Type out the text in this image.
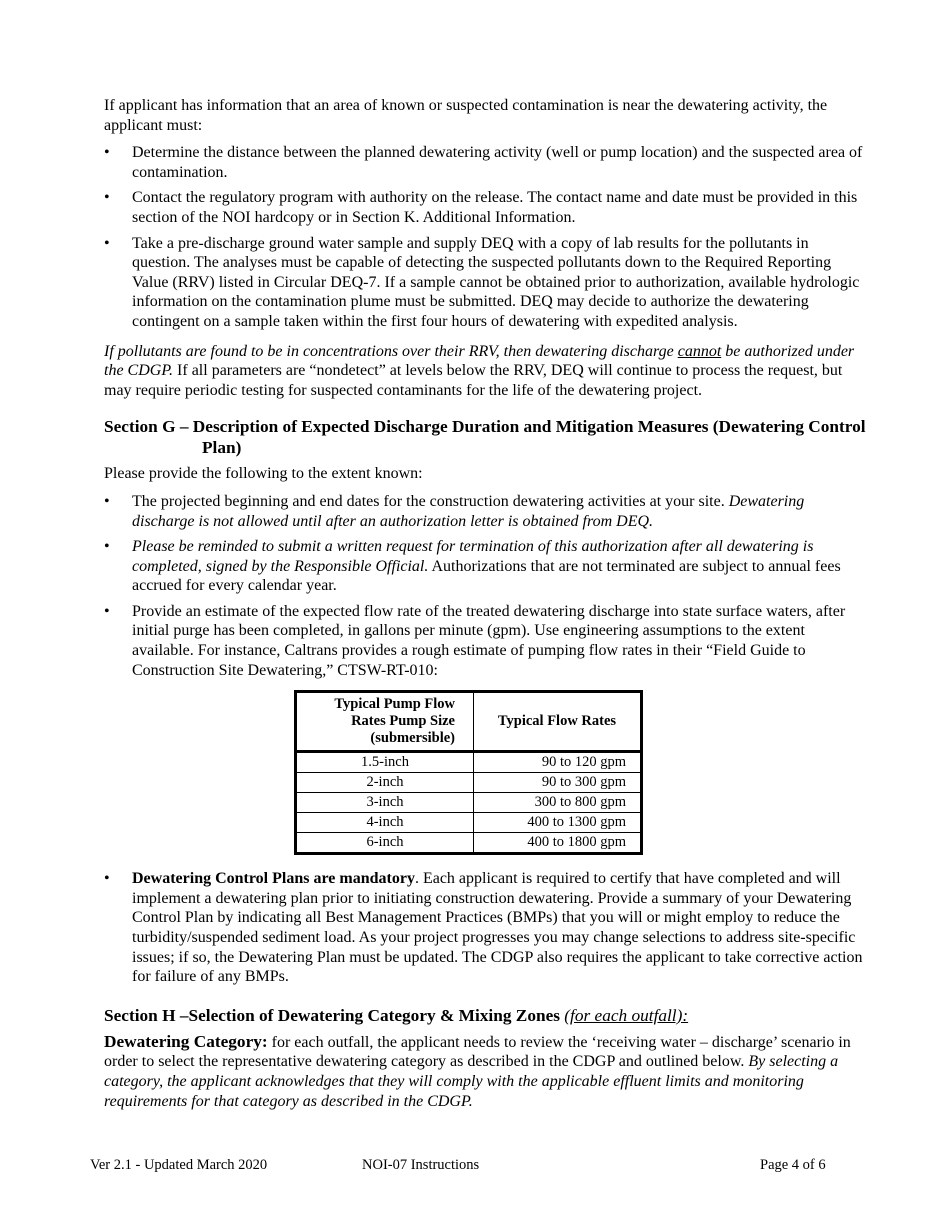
If applicant has information that an area of known or suspected contamination is near the dewatering activity, the applicant must:

•	Determine the distance between the planned dewatering activity (well or pump location) and the suspected area of contamination.
•	Contact the regulatory program with authority on the release. The contact name and date must be provided in this section of the NOI hardcopy or in Section K. Additional Information.
•	Take a pre-discharge ground water sample and supply DEQ with a copy of lab results for the pollutants in question. The analyses must be capable of detecting the suspected pollutants down to the Required Reporting Value (RRV) listed in Circular DEQ-7. If a sample cannot be obtained prior to authorization, available hydrologic information on the contamination plume must be submitted. DEQ may decide to authorize the dewatering contingent on a sample taken within the first four hours of dewatering with expedited analysis.

If pollutants are found to be in concentrations over their RRV, then dewatering discharge cannot be authorized under the CDGP. If all parameters are “nondetect” at levels below the RRV, DEQ will continue to process the request, but may require periodic testing for suspected contaminants for the life of the dewatering project.

Section G – Description of Expected Discharge Duration and Mitigation Measures (Dewatering Control Plan)

Please provide the following to the extent known:

•	The projected beginning and end dates for the construction dewatering activities at your site. Dewatering discharge is not allowed until after an authorization letter is obtained from DEQ.
•	Please be reminded to submit a written request for termination of this authorization after all dewatering is completed, signed by the Responsible Official. Authorizations that are not terminated are subject to annual fees accrued for every calendar year.
•	Provide an estimate of the expected flow rate of the treated dewatering discharge into state surface waters, after initial purge has been completed, in gallons per minute (gpm). Use engineering assumptions to the extent available. For instance, Caltrans provides a rough estimate of pumping flow rates in their “Field Guide to Construction Site Dewatering,” CTSW-RT-010:
Typical Pump Flow Rates Pump Size (submersible)	Typical Flow Rates
1.5-inch	90 to 120 gpm
2-inch	90 to 300 gpm
3-inch	300 to 800 gpm
4-inch	400 to 1300 gpm
6-inch	400 to 1800 gpm
•	Dewatering Control Plans are mandatory. Each applicant is required to certify that have completed and will implement a dewatering plan prior to initiating construction dewatering. Provide a summary of your Dewatering Control Plan by indicating all Best Management Practices (BMPs) that you will or might employ to reduce the turbidity/suspended sediment load. As your project progresses you may change selections to address site-specific issues; if so, the Dewatering Plan must be updated. The CDGP also requires the applicant to take corrective action for failure of any BMPs.
Section H –Selection of Dewatering Category & Mixing Zones (for each outfall):

Dewatering Category: for each outfall, the applicant needs to review the ‘receiving water – discharge’ scenario in order to select the representative dewatering category as described in the CDGP and outlined below. By selecting a category, the applicant acknowledges that they will comply with the applicable effluent limits and monitoring requirements for that category as described in the CDGP.

Ver 2.1 - Updated March 2020	NOI-07 Instructions	Page 4 of 6
